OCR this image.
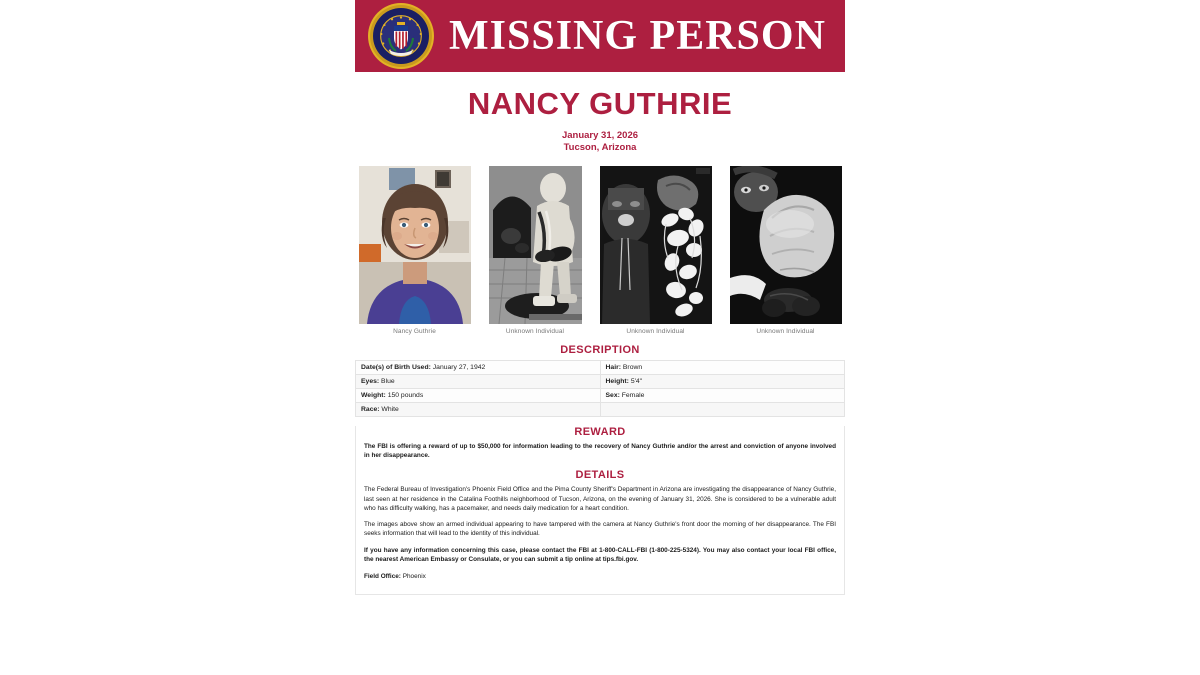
MISSING PERSON
NANCY GUTHRIE
January 31, 2026
Tucson, Arizona
Nancy Guthrie	Unknown Individual	Unknown Individual	Unknown Individual
DESCRIPTION
Date(s) of Birth Used: January 27, 1942	Hair: Brown
Eyes: Blue	Height: 5'4"
Weight: 150 pounds	Sex: Female
Race: White	
REWARD

The FBI is offering a reward of up to $50,000 for information leading to the recovery of Nancy Guthrie and/or the arrest and conviction of anyone involved in her disappearance.

DETAILS

The Federal Bureau of Investigation's Phoenix Field Office and the Pima County Sheriff's Department in Arizona are investigating the disappearance of Nancy Guthrie, last seen at her residence in the Catalina Foothills neighborhood of Tucson, Arizona, on the evening of January 31, 2026. She is considered to be a vulnerable adult who has difficulty walking, has a pacemaker, and needs daily medication for a heart condition.

The images above show an armed individual appearing to have tampered with the camera at Nancy Guthrie's front door the morning of her disappearance. The FBI seeks information that will lead to the identity of this individual.

If you have any information concerning this case, please contact the FBI at 1-800-CALL-FBI (1-800-225-5324). You may also contact your local FBI office, the nearest American Embassy or Consulate, or you can submit a tip online at tips.fbi.gov.

Field Office: Phoenix
